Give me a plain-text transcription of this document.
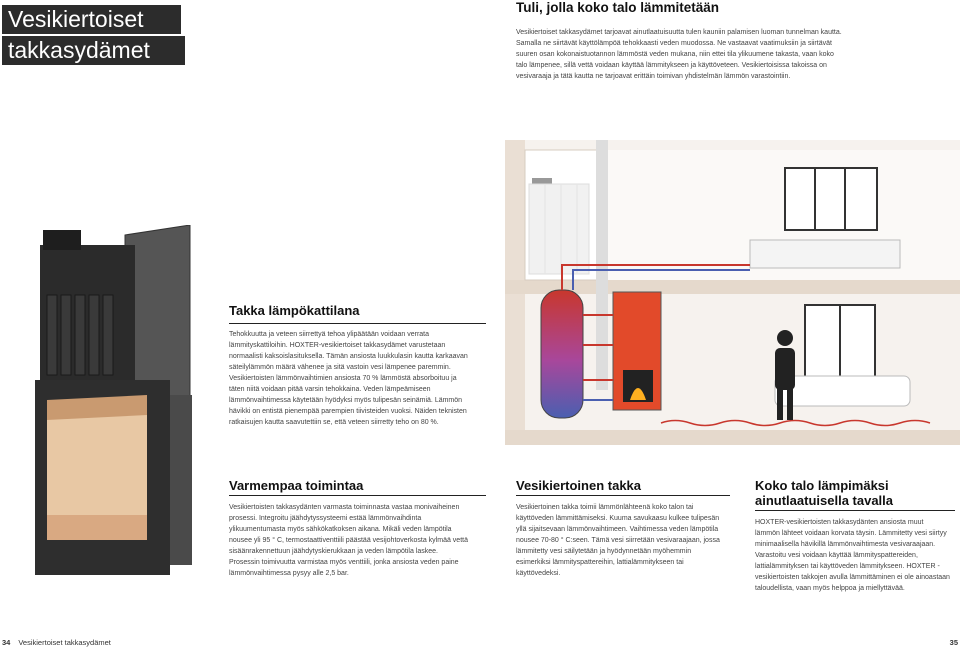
Vesikiertoiset
takkasydämet
Tuli, jolla koko talo lämmitetään

Vesikiertoiset takkasydämet tarjoavat ainutlaatuisuutta tulen kauniin palamisen luoman tunnelman kautta. Samalla ne siirtävät käyttölämpöä tehokkaasti veden muodossa. Ne vastaavat vaatimuksiin ja siirtävät suuren osan kokonaistuotannon lämmöstä veden mukana, niin ettei tila ylikuumene takasta, vaan koko talo lämpenee, sillä vettä voidaan käyttää lämmitykseen ja käyttöveteen. Vesikiertoisissa takoissa on vesivaraaja ja tätä kautta ne tarjoavat erittäin toimivan yhdistelmän lämmön varastointiin.

Takka lämpökattilana

Tehokkuutta ja veteen siirrettyä tehoa ylipäätään voidaan verrata lämmityskattiloihin. HOXTER-vesikiertoiset takkasydämet varustetaan normaalisti kaksoislasituksella. Tämän ansiosta luukkulasin kautta karkaavan säteilylämmön määrä vähenee ja sitä vastoin vesi lämpenee paremmin. Vesikiertoisten lämmönvaihtimien ansiosta 70 % lämmöstä absorboituu ja täten niitä voidaan pitää varsin tehokkaina. Veden lämpeämiseen lämmönvaihtimessa käytetään hyödyksi myös tulipesän seinämiä. Lämmön hävikki on entistä pienempää parempien tiivisteiden vuoksi. Näiden teknisten ratkaisujen kautta saavutettiin se, että veteen siirretty teho on 80 %.

Varmempaa toimintaa

Vesikiertoisten takkasydänten varmasta toiminnasta vastaa monivaiheinen prosessi. Integroitu jäähdytyssysteemi estää lämmönvaihdinta ylikuumentumasta myös sähkökatkoksen aikana. Mikäli veden lämpötila nousee yli 95 ° C, termostaattiventtiili päästää vesijohtoverkosta kylmää vettä sisäänrakennettuun jäähdytyskierukkaan ja veden lämpötila laskee. Prosessin toimivuutta varmistaa myös venttiili, jonka ansiosta veden paine lämmönvaihtimessa pysyy alle 2,5 bar.

Vesikiertoinen takka

Vesikiertoinen takka toimii lämmönlähteenä koko talon tai käyttöveden lämmittämiseksi. Kuuma savukaasu kulkee tulipesän yllä sijaitsevaan lämmönvaihtimeen. Vaihtimessa veden lämpötila nousee 70-80 ° C:seen. Tämä vesi siirretään vesivaraajaan, jossa lämmitetty vesi säilytetään ja hyödynnetään myöhemmin esimerkiksi lämmityspattereihin, lattialämmitykseen tai käyttövedeksi.

Koko talo lämpimäksi
ainutlaatuisella tavalla

HOXTER-vesikiertoisten takkasydänten ansiosta muut lämmön lähteet voidaan korvata täysin. Lämmitetty vesi siirtyy minimaalisella hävikillä lämmönvaihtimesta vesivaraajaan. Varastoitu vesi voidaan käyttää lämmityspattereiden, lattialämmityksen tai käyttöveden lämmitykseen. HOXTER -vesikiertoisten takkojen avulla lämmittäminen ei ole ainoastaan taloudellista, vaan myös helppoa ja miellyttävää.

34 Vesikiertoiset takkasydämet	35
